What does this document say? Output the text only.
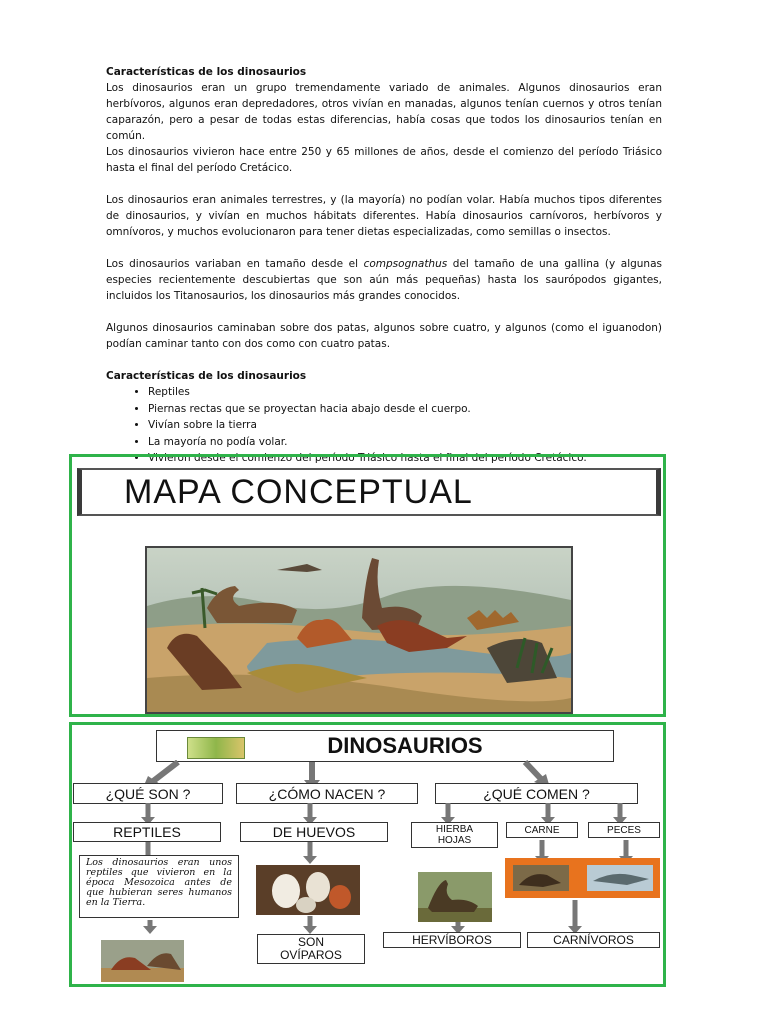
Características de los dinosaurios

Los dinosaurios eran un grupo tremendamente variado de animales. Algunos dinosaurios eran herbívoros, algunos eran depredadores, otros vivían en manadas, algunos tenían cuernos y otros tenían caparazón, pero a pesar de todas estas diferencias, había cosas que todos los dinosaurios tenían en común.

Los dinosaurios vivieron hace entre 250 y 65 millones de años, desde el comienzo del período Triásico hasta el final del período Cretácico.

Los dinosaurios eran animales terrestres, y (la mayoría) no podían volar. Había muchos tipos diferentes de dinosaurios, y vivían en muchos hábitats diferentes. Había dinosaurios carnívoros, herbívoros y omnívoros, y muchos evolucionaron para tener dietas especializadas, como semillas o insectos.

Los dinosaurios variaban en tamaño desde el compsognathus del tamaño de una gallina (y algunas especies recientemente descubiertas que son aún más pequeñas) hasta los saurópodos gigantes, incluidos los Titanosaurios, los dinosaurios más grandes conocidos.

Algunos dinosaurios caminaban sobre dos patas, algunos sobre cuatro, y algunos (como el iguanodon) podían caminar tanto con dos como con cuatro patas.

Características de los dinosaurios
• Reptiles
• Piernas rectas que se proyectan hacia abajo desde el cuerpo.
• Vivían sobre la tierra
• La mayoría no podía volar.
• Vivieron desde el comienzo del período Triásico hasta el final del período Cretácico.
MAPA CONCEPTUAL
DINOSAURIOS
¿QUÉ SON ?	¿CÓMO NACEN ?	¿QUÉ COMEN ?
REPTILES	DE HUEVOS	HIERBA
HOJAS
CARNE	PECES
Los dinosaurios eran unos reptiles que vivieron en la época Mesozoica antes de que hubieran seres humanos en la Tierra.
SON
OVÍPAROS
HERVÍBOROS	CARNÍVOROS
